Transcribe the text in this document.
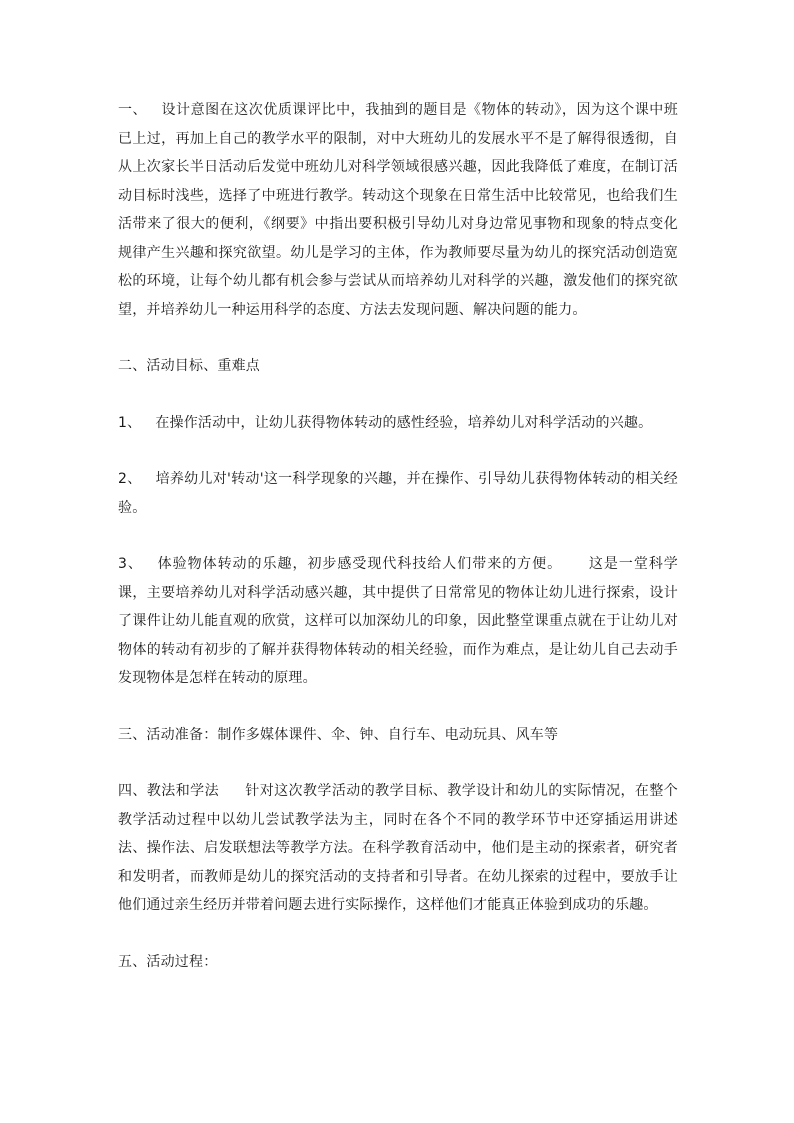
一、 设计意图在这次优质课评比中，我抽到的题目是《物体的转动》，因为这个课中班已上过，再加上自己的教学水平的限制，对中大班幼儿的发展水平不是了解得很透彻，自从上次家长半日活动后发觉中班幼儿对科学领域很感兴趣，因此我降低了难度，在制订活动目标时浅些，选择了中班进行教学。转动这个现象在日常生活中比较常见，也给我们生活带来了很大的便利，《纲要》中指出要积极引导幼儿对身边常见事物和现象的特点变化规律产生兴趣和探究欲望。幼儿是学习的主体，作为教师要尽量为幼儿的探究活动创造宽松的环境，让每个幼儿都有机会参与尝试从而培养幼儿对科学的兴趣，激发他们的探究欲望，并培养幼儿一种运用科学的态度、方法去发现问题、解决问题的能力。

二、活动目标、重难点

1、 在操作活动中，让幼儿获得物体转动的感性经验，培养幼儿对科学活动的兴趣。

2、 培养幼儿对'转动'这一科学现象的兴趣，并在操作、引导幼儿获得物体转动的相关经验。

3、 体验物体转动的乐趣，初步感受现代科技给人们带来的方便。 这是一堂科学课，主要培养幼儿对科学活动感兴趣，其中提供了日常常见的物体让幼儿进行探索，设计了课件让幼儿能直观的欣赏，这样可以加深幼儿的印象，因此整堂课重点就在于让幼儿对物体的转动有初步的了解并获得物体转动的相关经验，而作为难点，是让幼儿自己去动手发现物体是怎样在转动的原理。

三、活动准备：制作多媒体课件、伞、钟、自行车、电动玩具、风车等

四、教法和学法 针对这次教学活动的教学目标、教学设计和幼儿的实际情况，在整个教学活动过程中以幼儿尝试教学法为主，同时在各个不同的教学环节中还穿插运用讲述法、操作法、启发联想法等教学方法。在科学教育活动中，他们是主动的探索者，研究者和发明者，而教师是幼儿的探究活动的支持者和引导者。在幼儿探索的过程中，要放手让他们通过亲生经历并带着问题去进行实际操作，这样他们才能真正体验到成功的乐趣。

五、活动过程：
